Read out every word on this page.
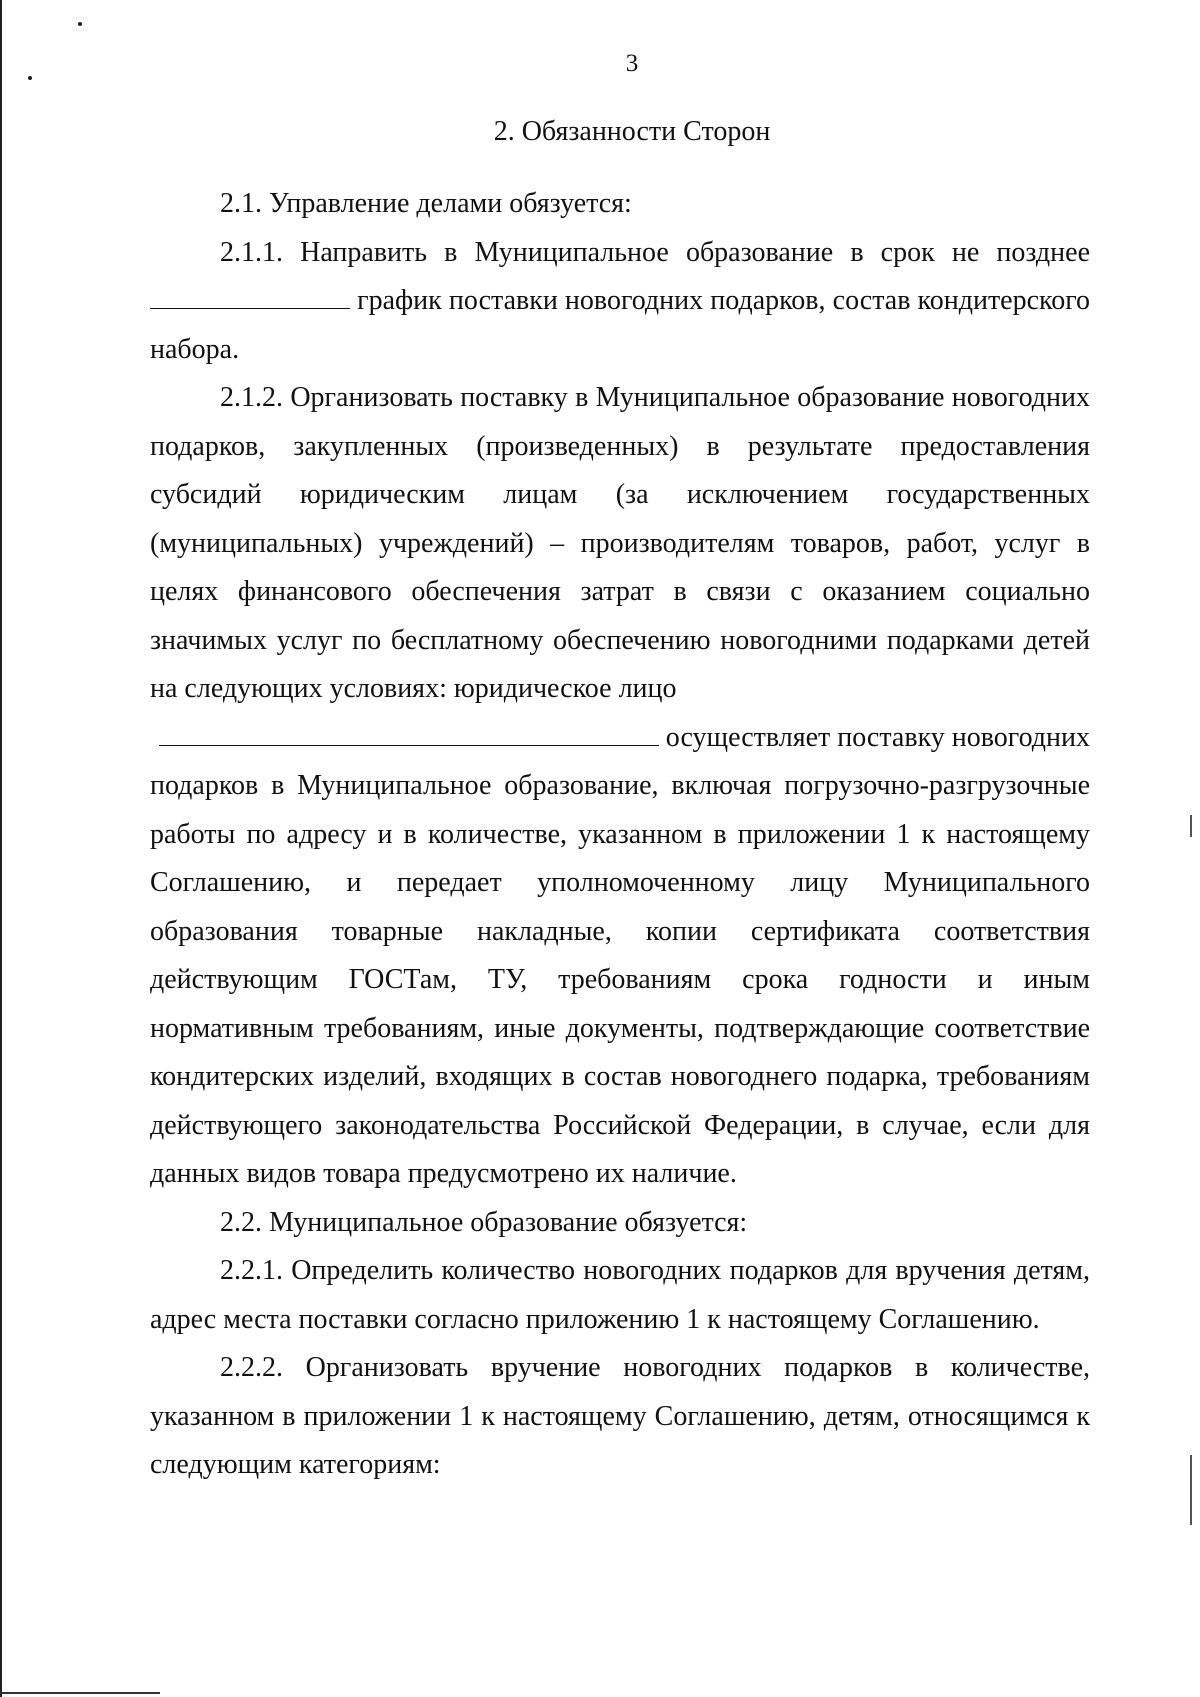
3
2. Обязанности Сторон

2.1. Управление делами обязуется:

2.1.1. Направить в Муниципальное образование в срок не позднее график поставки новогодних подарков, состав кондитерского набора.

2.1.2. Организовать поставку в Муниципальное образование новогодних подарков, закупленных (произведенных) в результате предоставления субсидий юридическим лицам (за исключением государственных (муниципальных) учреждений) – производителям товаров, работ, услуг в целях финансового обеспечения затрат в связи с оказанием социально значимых услуг по бесплатному обеспечению новогодними подарками детей на следующих условиях: юридическое лицо
осуществляет поставку новогодних

подарков в Муниципальное образование, включая погрузочно-разгрузочные работы по адресу и в количестве, указанном в приложении 1 к настоящему Соглашению, и передает уполномоченному лицу Муниципального образования товарные накладные, копии сертификата соответствия действующим ГОСТам, ТУ, требованиям срока годности и иным нормативным требованиям, иные документы, подтверждающие соответствие кондитерских изделий, входящих в состав новогоднего подарка, требованиям действующего законодательства Российской Федерации, в случае, если для данных видов товара предусмотрено их наличие.

2.2. Муниципальное образование обязуется:

2.2.1. Определить количество новогодних подарков для вручения детям, адрес места поставки согласно приложению 1 к настоящему Соглашению.

2.2.2. Организовать вручение новогодних подарков в количестве, указанном в приложении 1 к настоящему Соглашению, детям, относящимся к следующим категориям:
